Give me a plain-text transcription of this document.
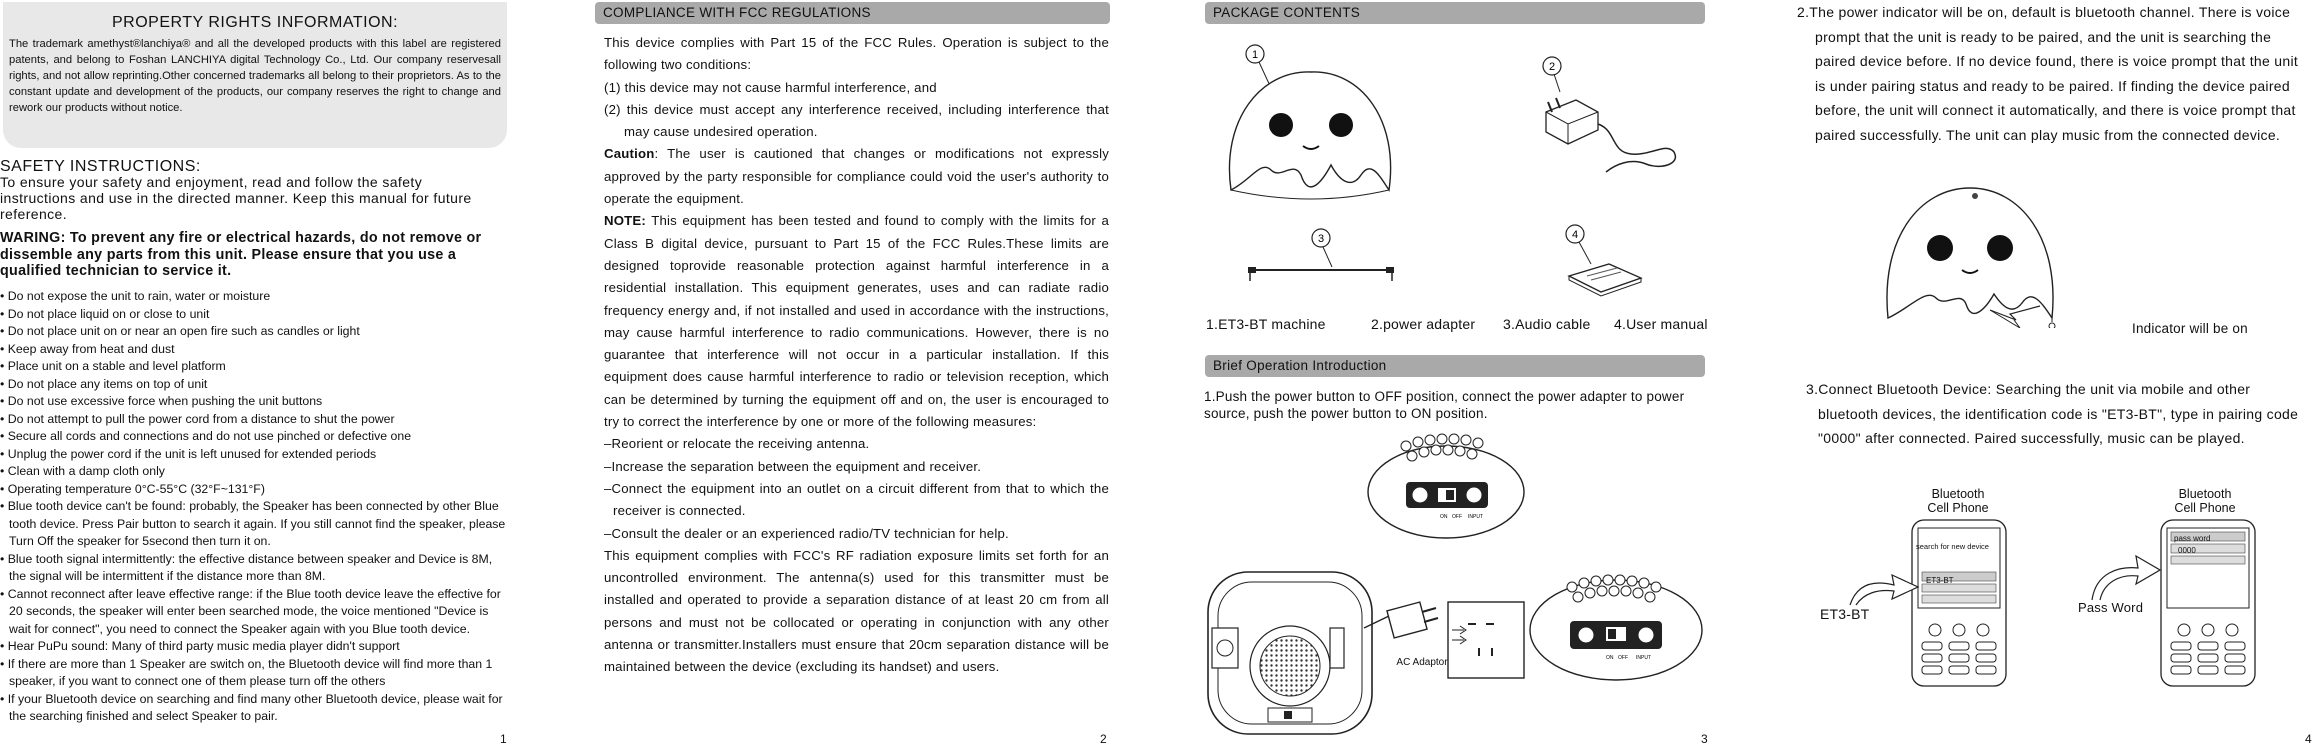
PROPERTY RIGHTS INFORMATION:
The trademark amethyst®lanchiya® and all the developed products with this label are registered patents, and belong to Foshan LANCHIYA digital Technology Co., Ltd. Our company reservesall rights, and not allow reprinting.Other concerned trademarks all belong to their proprietors. As to the constant update and development of the products, our company reserves the right to change and rework our products without notice.
SAFETY INSTRUCTIONS:
To ensure your safety and enjoyment, read and follow the safety instructions and use in the directed manner. Keep this manual for future reference.
WARING: To prevent any fire or electrical hazards, do not remove or dissemble any parts from this unit. Please ensure that you use a qualified technician to service it.
• Do not expose the unit to rain, water or moisture
• Do not place liquid on or close to unit
• Do not place unit on or near an open fire such as candles or light
• Keep away from heat and dust
• Place unit on a stable and level platform
• Do not place any items on top of unit
• Do not use excessive force when pushing the unit buttons
• Do not attempt to pull the power cord from a distance to shut the power
• Secure all cords and connections and do not use pinched or defective one
• Unplug the power cord if the unit is left unused for extended periods
• Clean with a damp cloth only
• Operating temperature 0°C-55°C (32°F~131°F)
• Blue tooth device can't be found: probably, the Speaker has been connected by other Blue tooth device. Press Pair button to search it again. If you still cannot find the speaker, please Turn Off the speaker for 5second then turn it on.
• Blue tooth signal intermittently: the effective distance between speaker and Device is 8M, the signal will be intermittent if the distance more than 8M.
• Cannot reconnect after leave effective range: if the Blue tooth device leave the effective for 20 seconds, the speaker will enter been searched mode, the voice mentioned "Device is wait for connect", you need to connect the Speaker again with you Blue tooth device.
• Hear PuPu sound: Many of third party music media player didn't support
• If there are more than 1 Speaker are switch on, the Bluetooth device will find more than 1 speaker, if you want to connect one of them please turn off the others
• If your Bluetooth device on searching and find many other Bluetooth device, please wait for the searching finished and select Speaker to pair.
1
COMPLIANCE WITH FCC REGULATIONS

This device complies with Part 15 of the FCC Rules. Operation is subject to the following two conditions:

(1) this device may not cause harmful interference, and

(2) this device must accept any interference received, including interference that may cause undesired operation.

Caution: The user is cautioned that changes or modifications not expressly approved by the party responsible for compliance could void the user's authority to operate the equipment.

NOTE: This equipment has been tested and found to comply with the limits for a Class B digital device, pursuant to Part 15 of the FCC Rules.These limits are designed toprovide reasonable protection against harmful interference in a residential installation. This equipment generates, uses and can radiate radio frequency energy and, if not installed and used in accordance with the instructions, may cause harmful interference to radio communications. However, there is no guarantee that interference will not occur in a particular installation. If this equipment does cause harmful interference to radio or television reception, which can be determined by turning the equipment off and on, the user is encouraged to try to correct the interference by one or more of the following measures:

–Reorient or relocate the receiving antenna.

–Increase the separation between the equipment and receiver.

–Connect the equipment into an outlet on a circuit different from that to which the receiver is connected.

–Consult the dealer or an experienced radio/TV technician for help.

This equipment complies with FCC's RF radiation exposure limits set forth for an uncontrolled environment. The antenna(s) used for this transmitter must be installed and operated to provide a separation distance of at least 20 cm from all persons and must not be collocated or operating in conjunction with any other antenna or transmitter.Installers must ensure that 20cm separation distance will be maintained between the device (excluding its handset) and users.

2
PACKAGE CONTENTS
1
2
3	4
1.ET3-BT machine	2.power adapter 3.Audio cable 4.User manual
Brief Operation Introduction
1.Push the power button to OFF position, connect the power adapter to power source, push the power button to ON position.
ON OFF INPUT
AC Adaptor	ON OFF INPUT
3
2.The power indicator will be on, default is bluetooth channel. There is voice prompt that the unit is ready to be paired, and the unit is searching the paired device before. If no device found, there is voice prompt that the unit is under pairing status and ready to be paired. If finding the device paired before, the unit will connect it automatically, and there is voice prompt that paired successfully. The unit can play music from the connected device.
Indicator will be on
3.Connect Bluetooth Device: Searching the unit via mobile and other bluetooth devices, the identification code is "ET3-BT", type in pairing code "0000" after connected. Paired successfully, music can be played.
Bluetooth
Cell Phone
search for new device
ET3-BT
ET3-BT
Bluetooth
Cell Phone
pass word
0000
Pass Word
4
